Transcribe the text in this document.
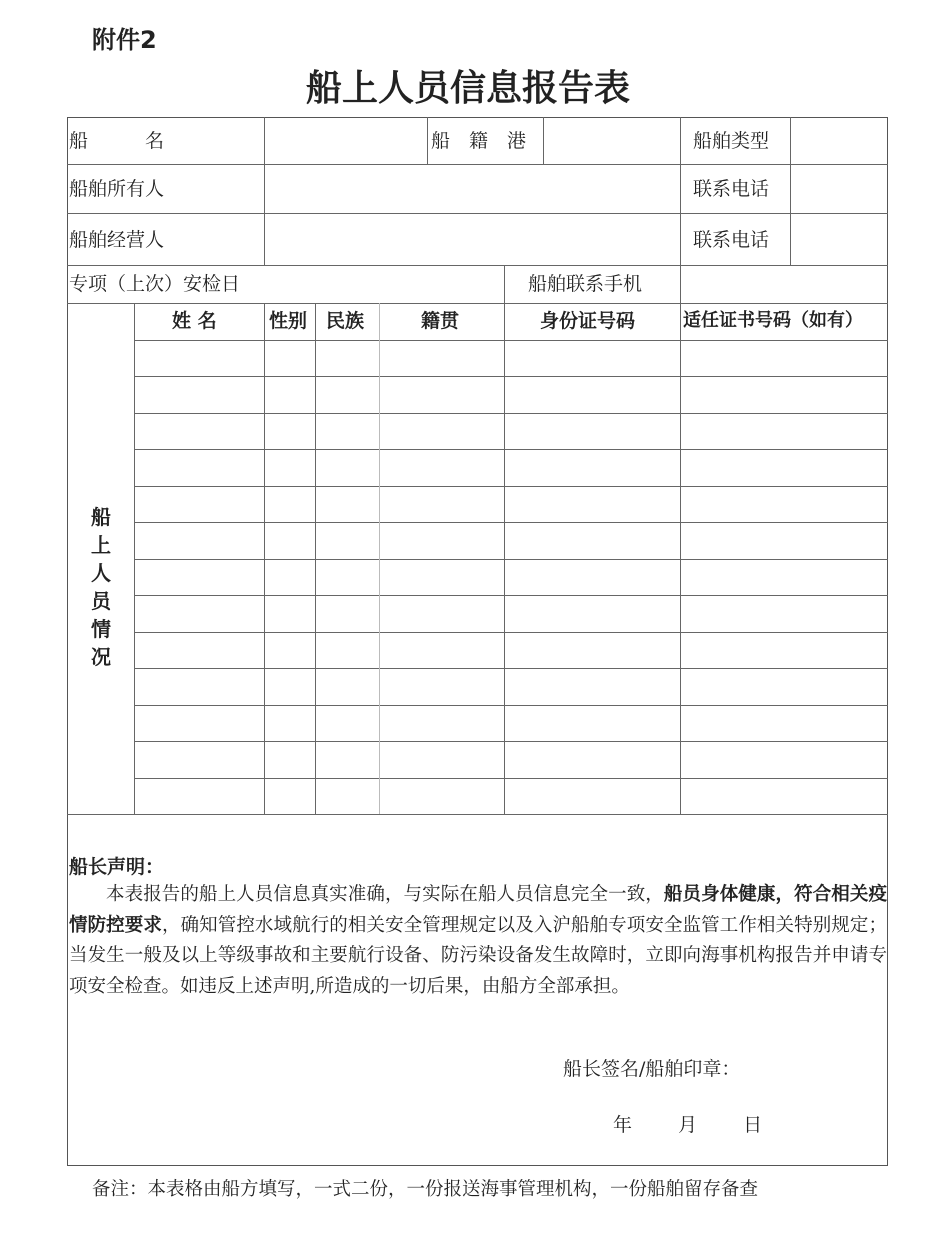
附件2
船上人员信息报告表
船　　　名	船　籍　港	船舶类型
船舶所有人	联系电话
船舶经营人	联系电话
专项（上次）安检日	船舶联系手机
姓 名	性别 民族	籍贯	身份证号码	适任证书号码（如有）
船
上
人
员
情
况
船长声明：
本表报告的船上人员信息真实准确，与实际在船人员信息完全一致，船员身体健康，符合相关疫情防控要求，确知管控水域航行的相关安全管理规定以及入沪船舶专项安全监管工作相关特别规定；当发生一般及以上等级事故和主要航行设备、防污染设备发生故障时，立即向海事机构报告并申请专项安全检查。如违反上述声明,所造成的一切后果，由船方全部承担。
船长签名/船舶印章：
年 月 日
备注：本表格由船方填写，一式二份，一份报送海事管理机构，一份船舶留存备查
